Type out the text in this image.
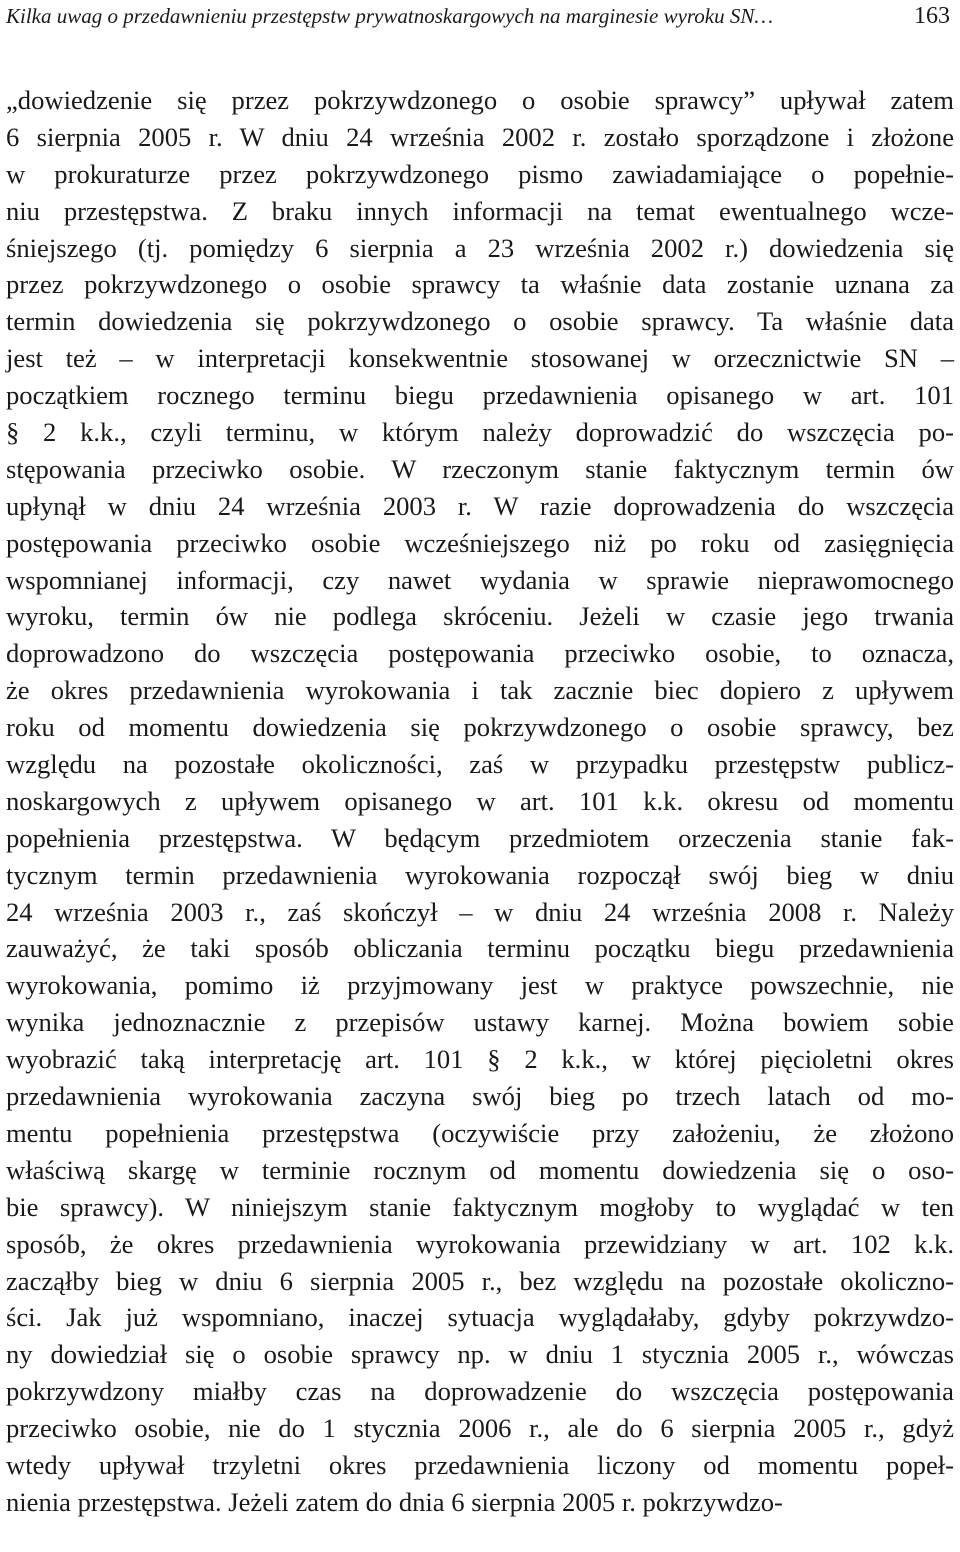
Kilka uwag o przedawnieniu przestępstw prywatnoskargowych na marginesie wyroku SN…	163
„dowiedzenie się przez pokrzywdzonego o osobie sprawcy” upływał zatem
6 sierpnia 2005 r. W dniu 24 września 2002 r. zostało sporządzone i złożone
w prokuraturze przez pokrzywdzonego pismo zawiadamiające o popełnie-
niu przestępstwa. Z braku innych informacji na temat ewentualnego wcze-
śniejszego (tj. pomiędzy 6 sierpnia a 23 września 2002 r.) dowiedzenia się
przez pokrzywdzonego o osobie sprawcy ta właśnie data zostanie uznana za
termin dowiedzenia się pokrzywdzonego o osobie sprawcy. Ta właśnie data
jest też – w interpretacji konsekwentnie stosowanej w orzecznictwie SN –
początkiem rocznego terminu biegu przedawnienia opisanego w art. 101
§ 2 k.k., czyli terminu, w którym należy doprowadzić do wszczęcia po-
stępowania przeciwko osobie. W rzeczonym stanie faktycznym termin ów
upłynął w dniu 24 września 2003 r. W razie doprowadzenia do wszczęcia
postępowania przeciwko osobie wcześniejszego niż po roku od zasięgnięcia
wspomnianej informacji, czy nawet wydania w sprawie nieprawomocnego
wyroku, termin ów nie podlega skróceniu. Jeżeli w czasie jego trwania
doprowadzono do wszczęcia postępowania przeciwko osobie, to oznacza,
że okres przedawnienia wyrokowania i tak zacznie biec dopiero z upływem
roku od momentu dowiedzenia się pokrzywdzonego o osobie sprawcy, bez
względu na pozostałe okoliczności, zaś w przypadku przestępstw publicz-
noskargowych z upływem opisanego w art. 101 k.k. okresu od momentu
popełnienia przestępstwa. W będącym przedmiotem orzeczenia stanie fak-
tycznym termin przedawnienia wyrokowania rozpoczął swój bieg w dniu
24 września 2003 r., zaś skończył – w dniu 24 września 2008 r. Należy
zauważyć, że taki sposób obliczania terminu początku biegu przedawnienia
wyrokowania, pomimo iż przyjmowany jest w praktyce powszechnie, nie
wynika jednoznacznie z przepisów ustawy karnej. Można bowiem sobie
wyobrazić taką interpretację art. 101 § 2 k.k., w której pięcioletni okres
przedawnienia wyrokowania zaczyna swój bieg po trzech latach od mo-
mentu popełnienia przestępstwa (oczywiście przy założeniu, że złożono
właściwą skargę w terminie rocznym od momentu dowiedzenia się o oso-
bie sprawcy). W niniejszym stanie faktycznym mogłoby to wyglądać w ten
sposób, że okres przedawnienia wyrokowania przewidziany w art. 102 k.k.
zacząłby bieg w dniu 6 sierpnia 2005 r., bez względu na pozostałe okoliczno-
ści. Jak już wspomniano, inaczej sytuacja wyglądałaby, gdyby pokrzywdzo-
ny dowiedział się o osobie sprawcy np. w dniu 1 stycznia 2005 r., wówczas
pokrzywdzony miałby czas na doprowadzenie do wszczęcia postępowania
przeciwko osobie, nie do 1 stycznia 2006 r., ale do 6 sierpnia 2005 r., gdyż
wtedy upływał trzyletni okres przedawnienia liczony od momentu popeł-
nienia przestępstwa. Jeżeli zatem do dnia 6 sierpnia 2005 r. pokrzywdzo-
